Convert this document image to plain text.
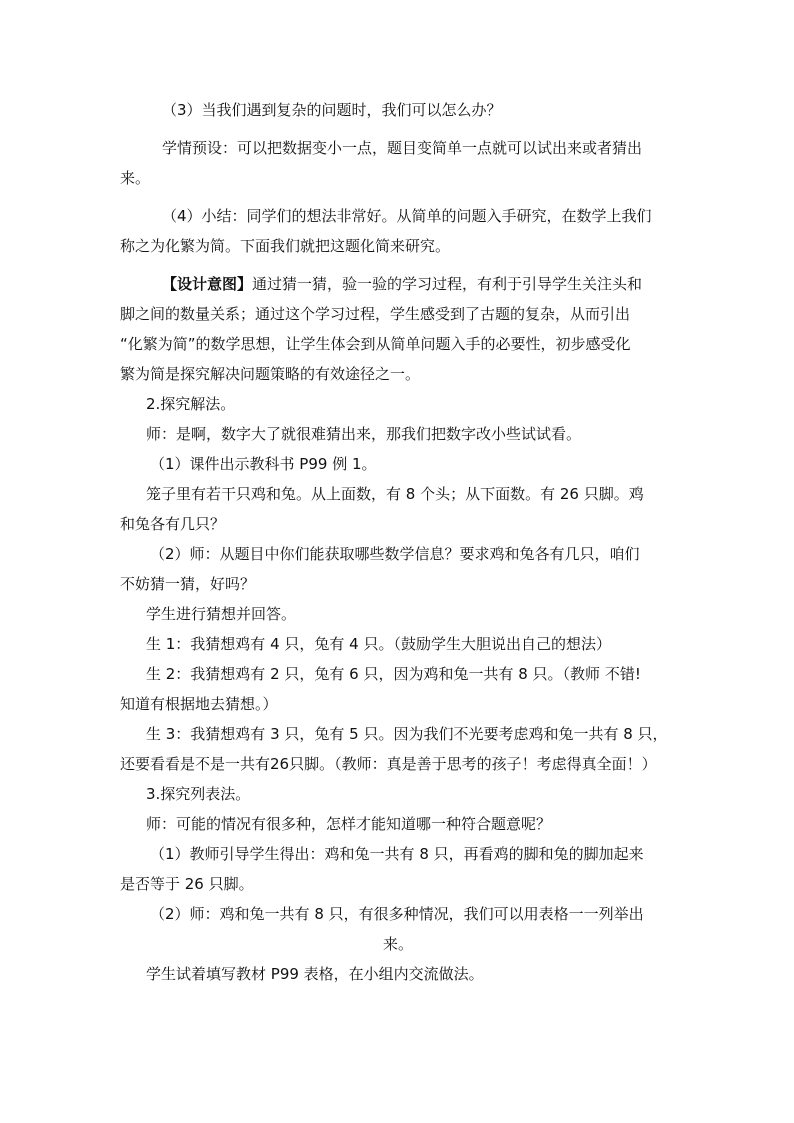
（3）当我们遇到复杂的问题时，我们可以怎么办？
学情预设：可以把数据变小一点，题目变简单一点就可以试出来或者猜出
来。
（4）小结：同学们的想法非常好。从简单的问题入手研究，在数学上我们
称之为化繁为简。下面我们就把这题化简来研究。
【设计意图】通过猜一猜，验一验的学习过程，有利于引导学生关注头和
脚之间的数量关系；通过这个学习过程，学生感受到了古题的复杂，从而引出
“化繁为简”的数学思想，让学生体会到从简单问题入手的必要性，初步感受化
繁为简是探究解决问题策略的有效途径之一。
2.探究解法。
师：是啊，数字大了就很难猜出来，那我们把数字改小些试试看。
（1）课件出示教科书 P99 例 1。
笼子里有若干只鸡和兔。从上面数，有 8 个头；从下面数。有 26 只脚。鸡
和兔各有几只？
（2）师：从题目中你们能获取哪些数学信息？要求鸡和兔各有几只，咱们
不妨猜一猜，好吗？
学生进行猜想并回答。
生 1：我猜想鸡有 4 只，兔有 4 只。（鼓励学生大胆说出自己的想法）
生 2：我猜想鸡有 2 只，兔有 6 只，因为鸡和兔一共有 8 只。（教师 不错!
知道有根据地去猜想。）
生 3：我猜想鸡有 3 只，兔有 5 只。因为我们不光要考虑鸡和兔一共有 8 只，
还要看看是不是一共有26只脚。（教师：真是善于思考的孩子！考虑得真全面！）
3.探究列表法。
师：可能的情况有很多种，怎样才能知道哪一种符合题意呢？
（1）教师引导学生得出：鸡和兔一共有 8 只，再看鸡的脚和兔的脚加起来
是否等于 26 只脚。
（2）师：鸡和兔一共有 8 只，有很多种情况，我们可以用表格一一列举出
来。
学生试着填写教材 P99 表格，在小组内交流做法。
